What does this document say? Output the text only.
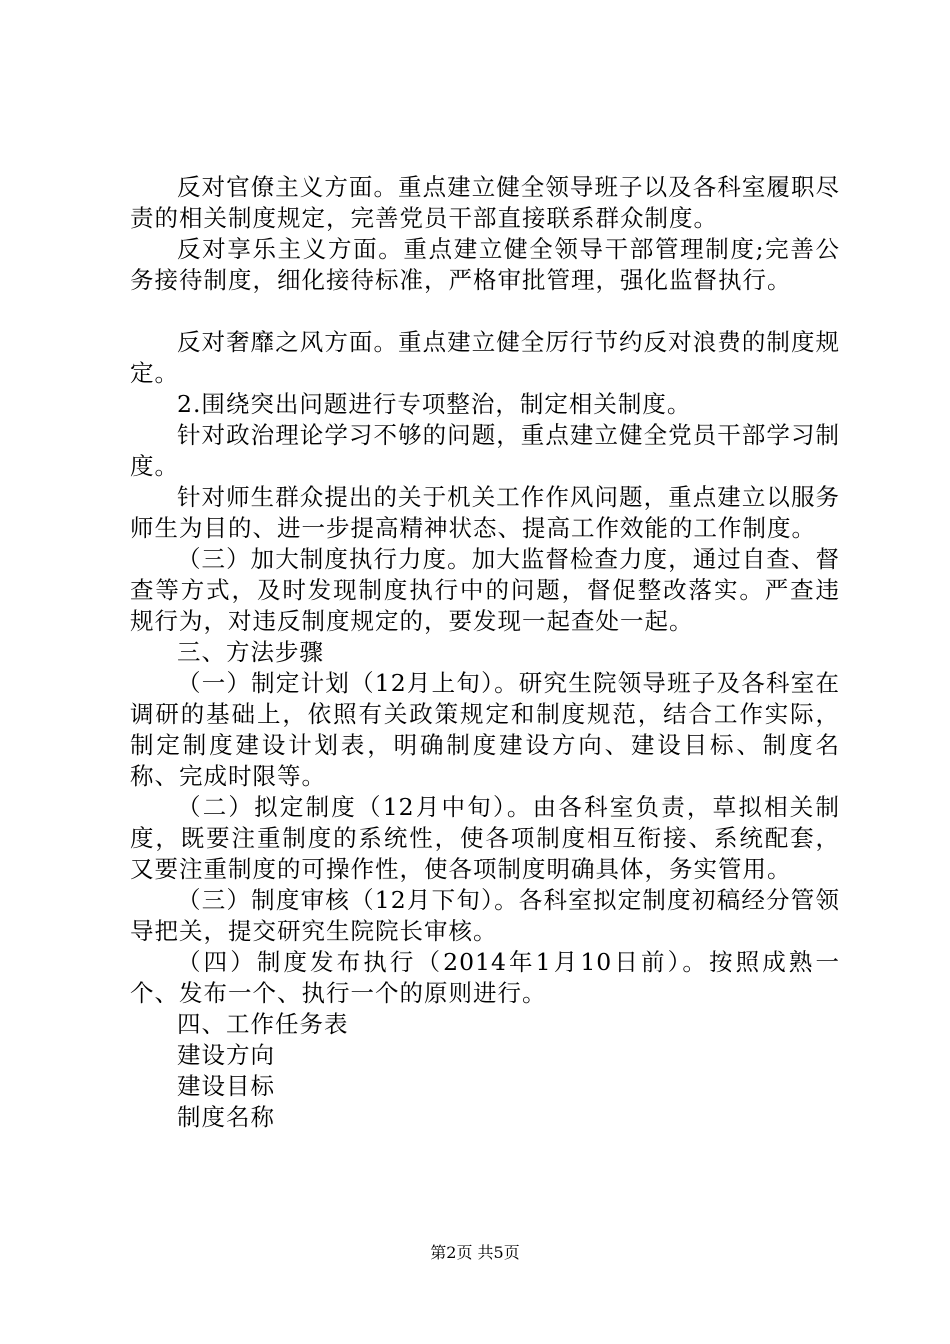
反对官僚主义方面。重点建立健全领导班子以及各科室履职尽责的相关制度规定，完善党员干部直接联系群众制度。

反对享乐主义方面。重点建立健全领导干部管理制度;完善公务接待制度，细化接待标准，严格审批管理，强化监督执行。

反对奢靡之风方面。重点建立健全厉行节约反对浪费的制度规定。

2.围绕突出问题进行专项整治，制定相关制度。

针对政治理论学习不够的问题，重点建立健全党员干部学习制度。

针对师生群众提出的关于机关工作作风问题，重点建立以服务师生为目的、进一步提高精神状态、提高工作效能的工作制度。

（三）加大制度执行力度。加大监督检查力度，通过自查、督查等方式，及时发现制度执行中的问题，督促整改落实。严查违规行为，对违反制度规定的，要发现一起查处一起。

三、方法步骤

（一）制定计划（12月上旬）。研究生院领导班子及各科室在调研的基础上，依照有关政策规定和制度规范，结合工作实际，制定制度建设计划表，明确制度建设方向、建设目标、制度名称、完成时限等。

（二）拟定制度（12月中旬）。由各科室负责，草拟相关制度，既要注重制度的系统性，使各项制度相互衔接、系统配套，又要注重制度的可操作性，使各项制度明确具体，务实管用。

（三）制度审核（12月下旬）。各科室拟定制度初稿经分管领导把关，提交研究生院院长审核。

（四）制度发布执行（2014年1月10日前）。按照成熟一个、发布一个、执行一个的原则进行。

四、工作任务表

建设方向

建设目标

制度名称

第2页 共5页
